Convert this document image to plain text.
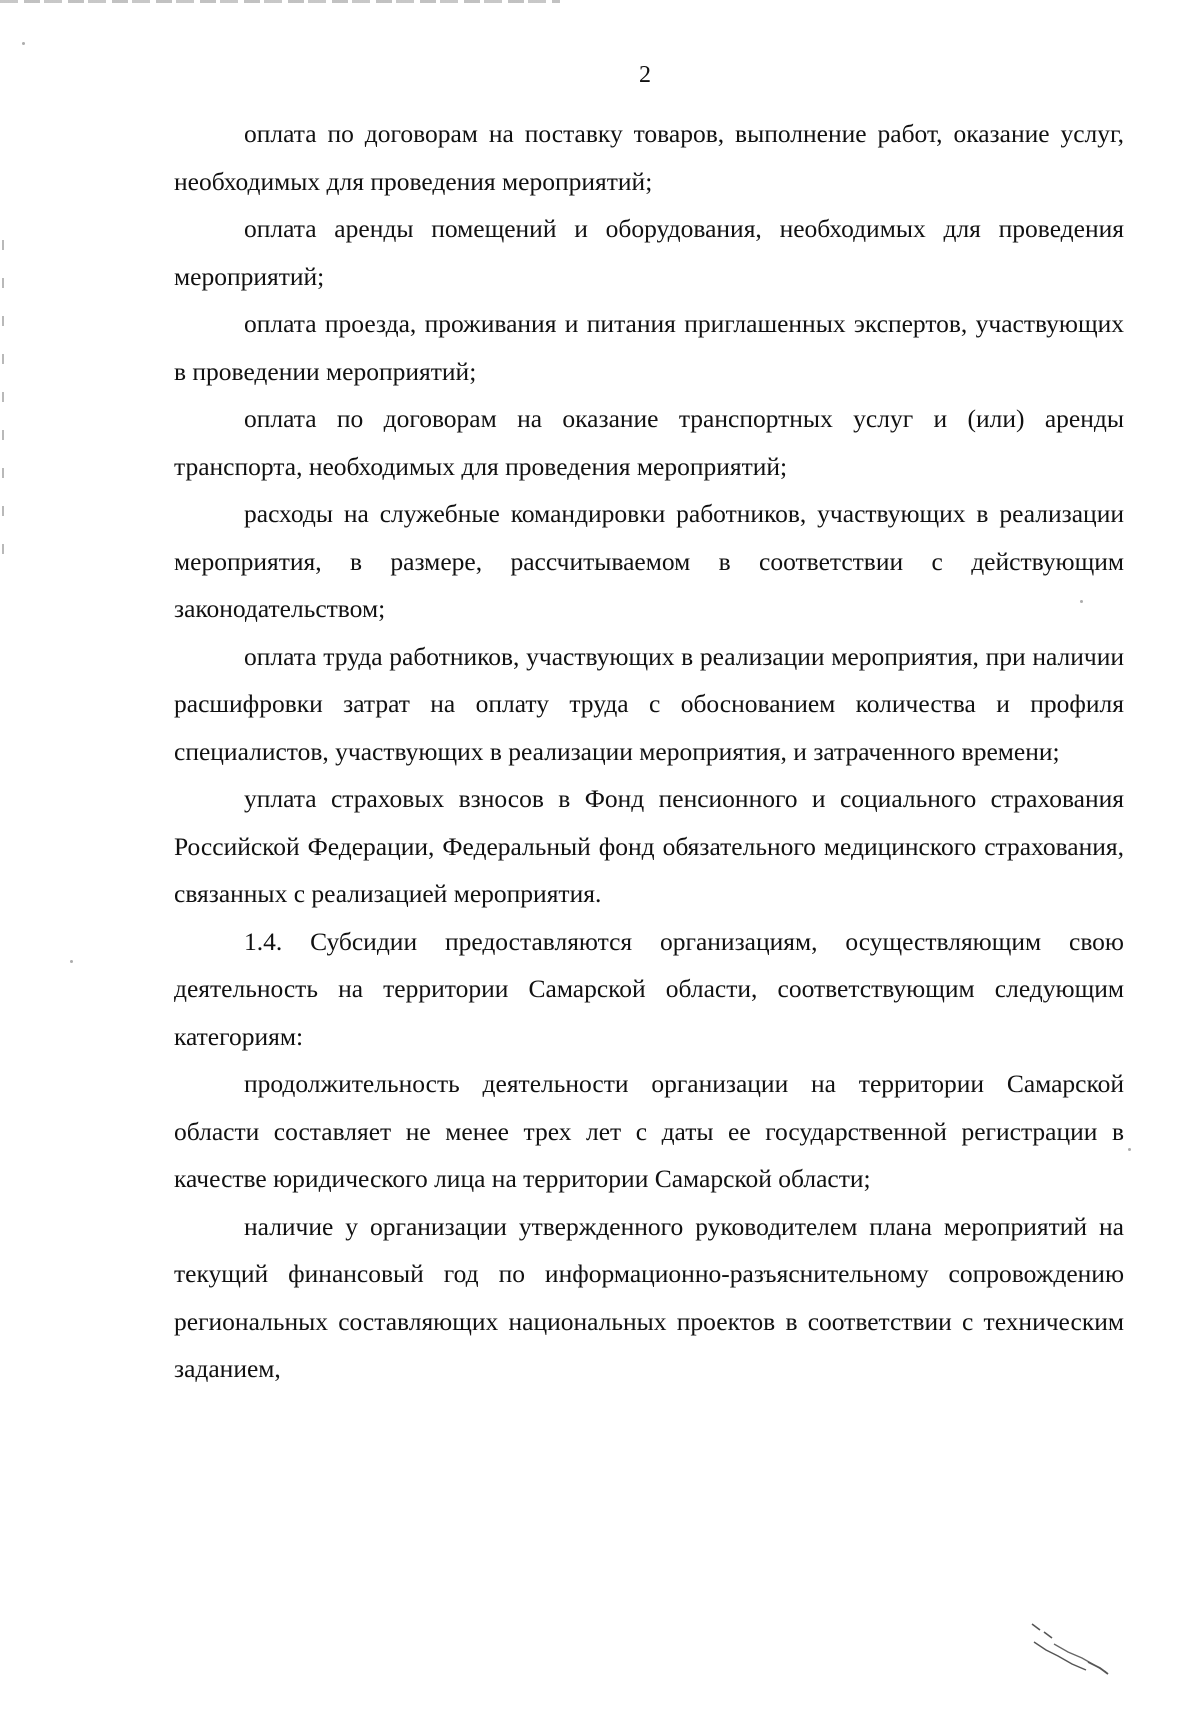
2

оплата по договорам на поставку товаров, выполнение работ, оказание услуг, необходимых для проведения мероприятий;

оплата аренды помещений и оборудования, необходимых для проведения мероприятий;

оплата проезда, проживания и питания приглашенных экспертов, участвующих в проведении мероприятий;

оплата по договорам на оказание транспортных услуг и (или) аренды транспорта, необходимых для проведения мероприятий;

расходы на служебные командировки работников, участвующих в реализации мероприятия, в размере, рассчитываемом в соответствии с действующим законодательством;

оплата труда работников, участвующих в реализации мероприятия, при наличии расшифровки затрат на оплату труда с обоснованием количества и профиля специалистов, участвующих в реализации мероприятия, и затраченного времени;

уплата страховых взносов в Фонд пенсионного и социального страхования Российской Федерации, Федеральный фонд обязательного медицинского страхования, связанных с реализацией мероприятия.

1.4. Субсидии предоставляются организациям, осуществляющим свою деятельность на территории Самарской области, соответствующим следующим категориям:

продолжительность деятельности организации на территории Самарской области составляет не менее трех лет с даты ее государственной регистрации в качестве юридического лица на территории Самарской области;

наличие у организации утвержденного руководителем плана мероприятий на текущий финансовый год по информационно-разъяснительному сопровождению региональных составляющих национальных проектов в соответствии с техническим заданием,
